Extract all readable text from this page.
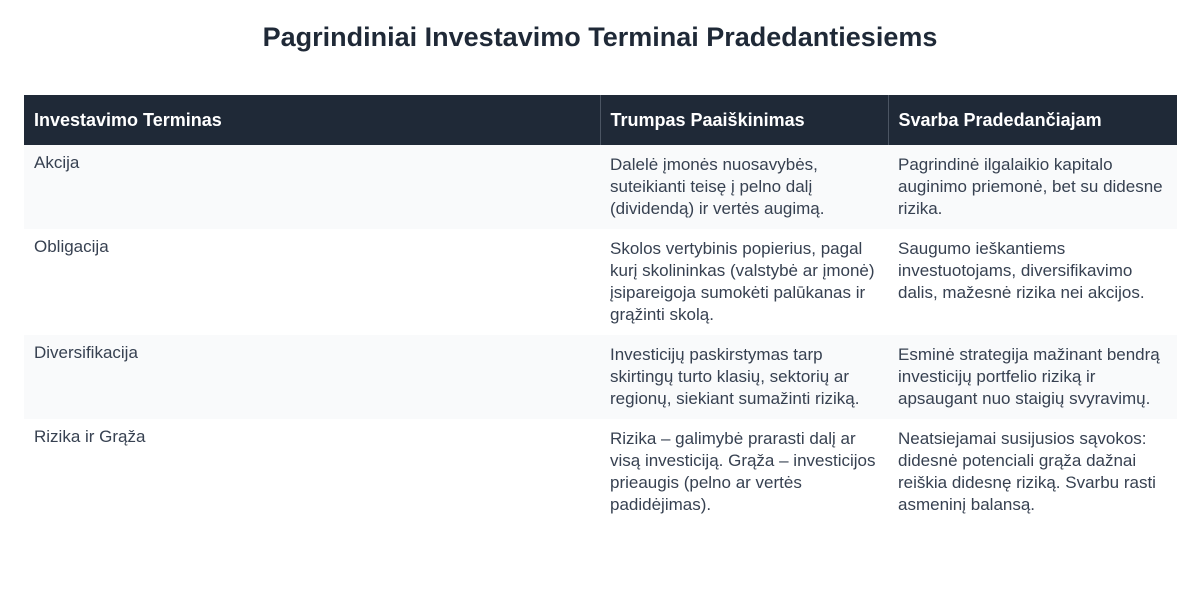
Pagrindiniai Investavimo Terminai Pradedantiesiems
Investavimo Terminas	Trumpas Paaiškinimas	Svarba Pradedančiajam
Akcija	Dalelė įmonės nuosavybės, suteikianti teisę į pelno dalį (dividendą) ir vertės augimą.	Pagrindinė ilgalaikio kapitalo auginimo priemonė, bet su didesne rizika.
Obligacija	Skolos vertybinis popierius, pagal kurį skolininkas (valstybė ar įmonė) įsipareigoja sumokėti palūkanas ir grąžinti skolą.	Saugumo ieškantiems investuotojams, diversifikavimo dalis, mažesnė rizika nei akcijos.
Diversifikacija	Investicijų paskirstymas tarp skirtingų turto klasių, sektorių ar regionų, siekiant sumažinti riziką.	Esminė strategija mažinant bendrą investicijų portfelio riziką ir apsaugant nuo staigių svyravimų.
Rizika ir Grąža	Rizika – galimybė prarasti dalį ar visą investiciją. Grąža – investicijos prieaugis (pelno ar vertės padidėjimas).	Neatsiejamai susijusios sąvokos: didesnė potenciali grąža dažnai reiškia didesnę riziką. Svarbu rasti asmeninį balansą.
